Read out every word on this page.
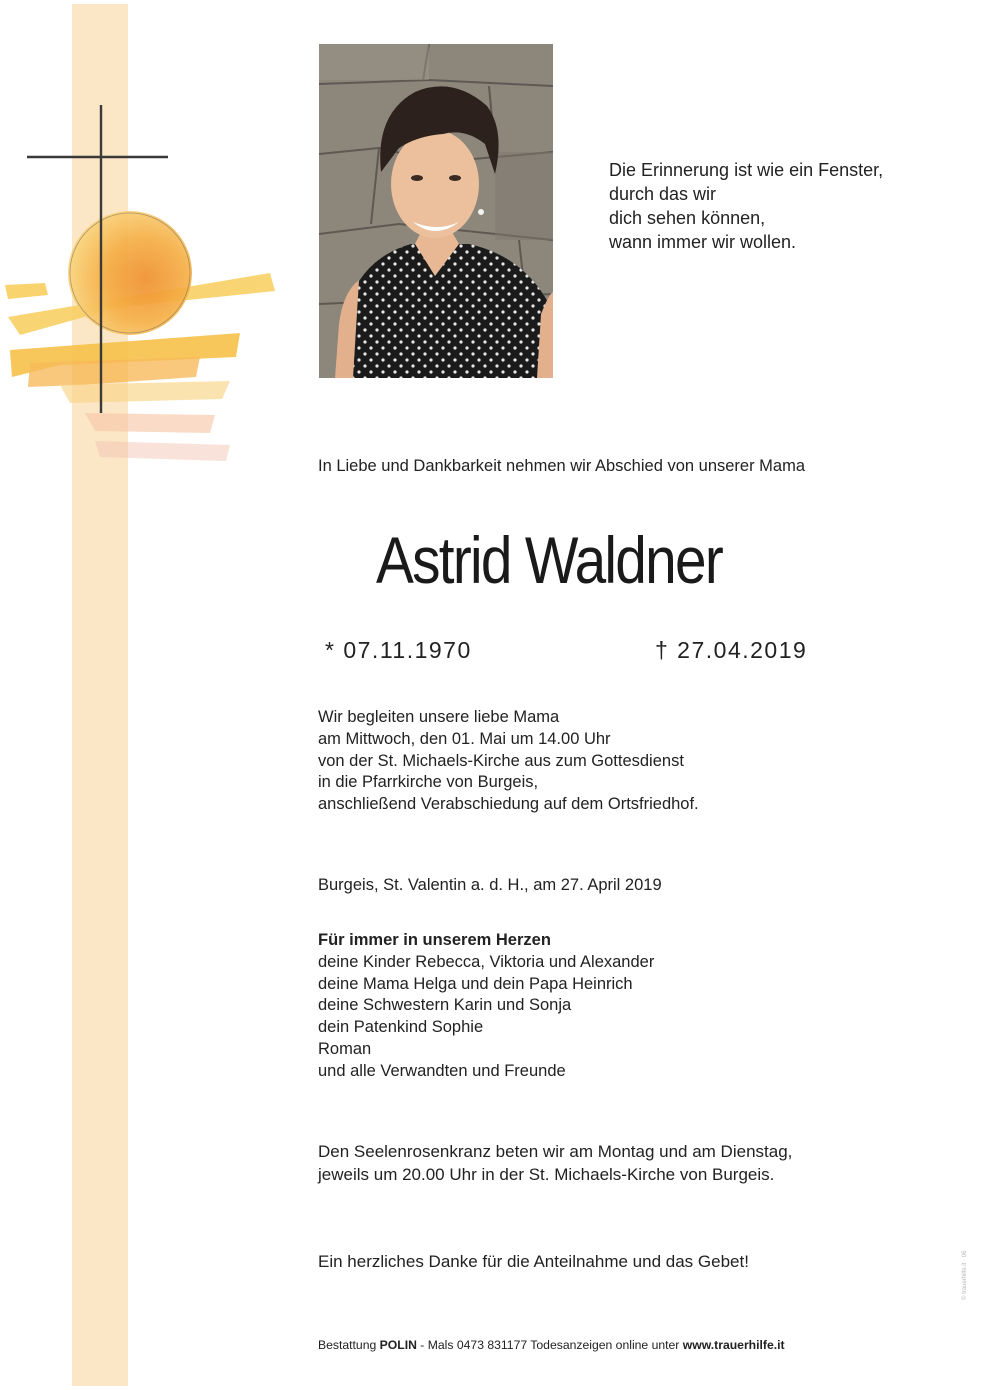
Die Erinnerung ist wie ein Fenster,
durch das wir
dich sehen können,
wann immer wir wollen.
In Liebe und Dankbarkeit nehmen wir Abschied von unserer Mama
Astrid Waldner
* 07.11.1970	† 27.04.2019
Wir begleiten unsere liebe Mama
am Mittwoch, den 01. Mai um 14.00 Uhr
von der St. Michaels-Kirche aus zum Gottesdienst
in die Pfarrkirche von Burgeis,
anschließend Verabschiedung auf dem Ortsfriedhof.
Burgeis, St. Valentin a. d. H., am 27. April 2019
Für immer in unserem Herzen
deine Kinder Rebecca, Viktoria und Alexander
deine Mama Helga und dein Papa Heinrich
deine Schwestern Karin und Sonja
dein Patenkind Sophie
Roman
und alle Verwandten und Freunde
Den Seelenrosenkranz beten wir am Montag und am Dienstag,
jeweils um 20.00 Uhr in der St. Michaels-Kirche von Burgeis.
Ein herzliches Danke für die Anteilnahme und das Gebet!
Bestattung POLIN - Mals 0473 831177 Todesanzeigen online unter www.trauerhilfe.it
© trauerhilfe.it · 06
